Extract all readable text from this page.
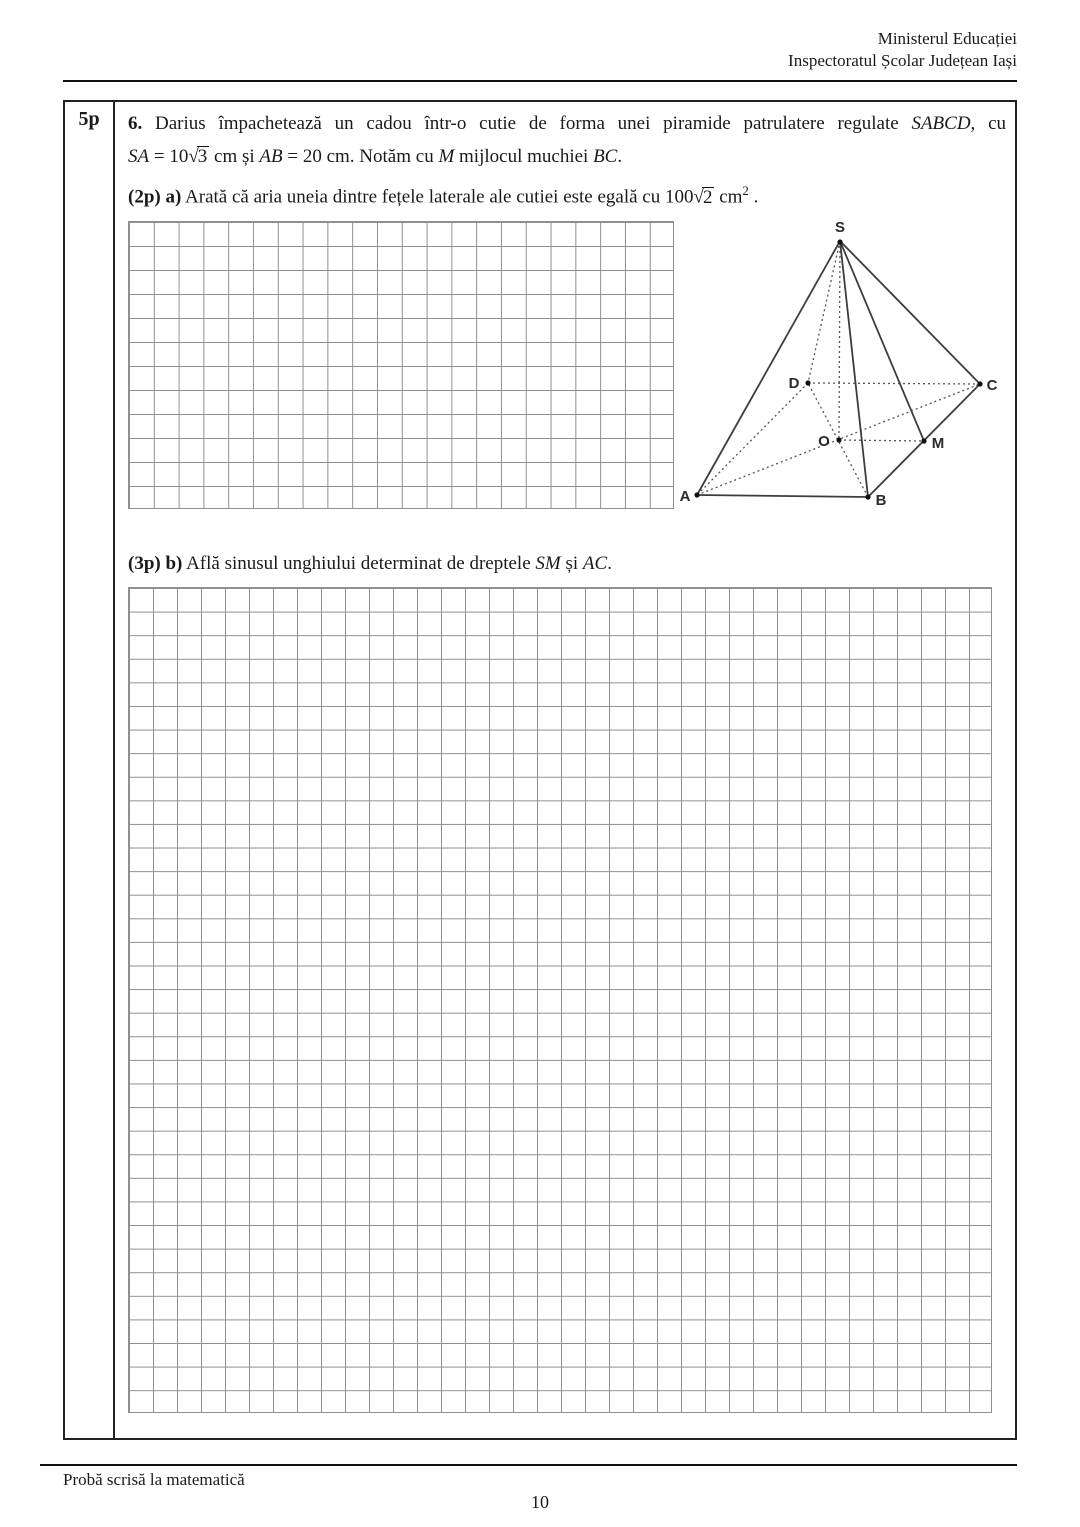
Ministerul Educației
Inspectoratul Școlar Județean Iași
5p	6. Darius împachetează un cadou într-o cutie de forma unei piramide patrulatere regulate SABCD, cu

SA = 10√3 cm și AB = 20 cm. Notăm cu M mijlocul muchiei BC.

(2p) a) Arată că aria uneia dintre fețele laterale ale cutiei este egală cu 100√2 $cm^2$ .

S
A	B
C
D
O	M

(3p) b) Află sinusul unghiului determinat de dreptele SM și AC.

Probă scrisă la matematică
10
